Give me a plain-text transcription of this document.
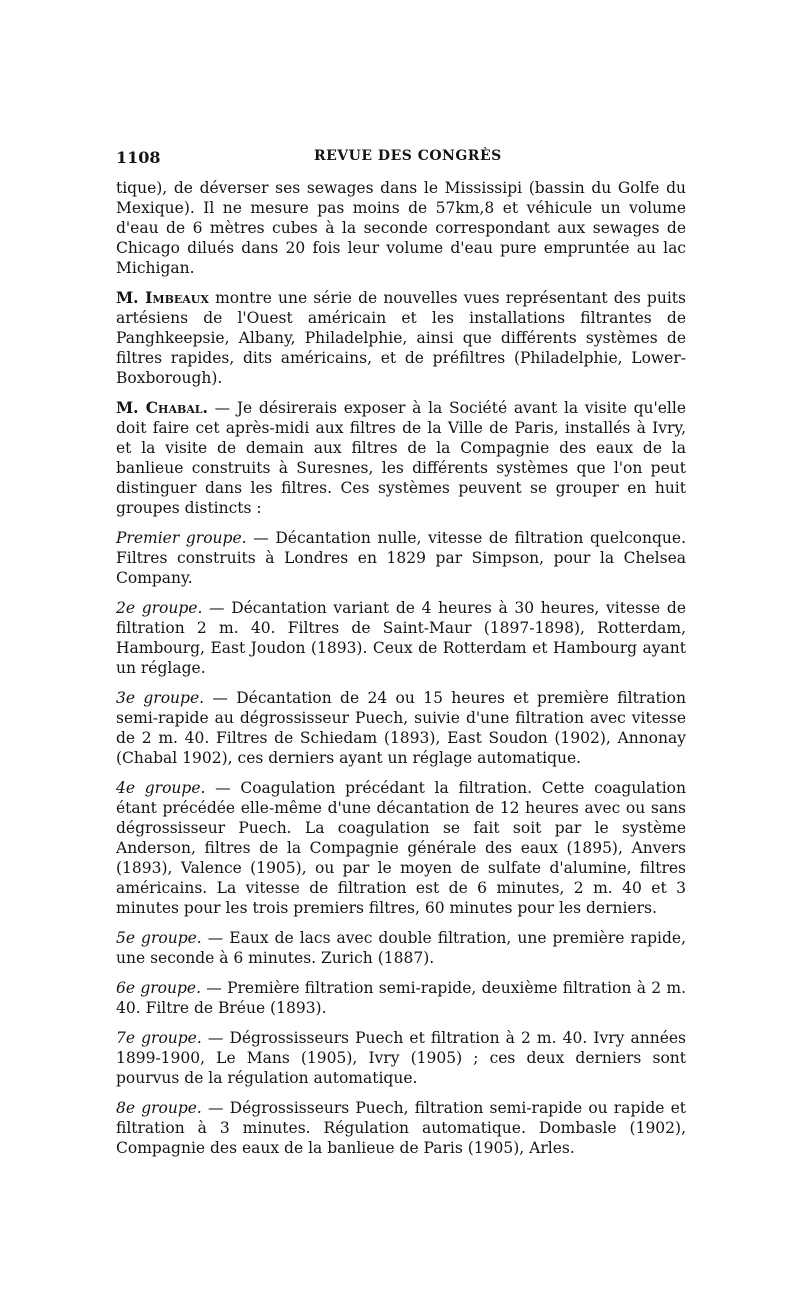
1108	REVUE DES CONGRÈS

tique), de déverser ses sewages dans le Mississipi (bassin du Golfe du Mexique). Il ne mesure pas moins de 57km,8 et véhicule un volume d'eau de 6 mètres cubes à la seconde correspondant aux sewages de Chicago dilués dans 20 fois leur volume d'eau pure empruntée au lac Michigan.

M. Imbeaux montre une série de nouvelles vues représentant des puits artésiens de l'Ouest américain et les installations filtrantes de Panghkeepsie, Albany, Philadelphie, ainsi que différents systèmes de filtres rapides, dits américains, et de préfiltres (Philadelphie, Lower-Boxborough).

M. Chabal. — Je désirerais exposer à la Société avant la visite qu'elle doit faire cet après-midi aux filtres de la Ville de Paris, installés à Ivry, et la visite de demain aux filtres de la Compagnie des eaux de la banlieue construits à Suresnes, les différents systèmes que l'on peut distinguer dans les filtres. Ces systèmes peuvent se grouper en huit groupes distincts :

Premier groupe. — Décantation nulle, vitesse de filtration quelconque. Filtres construits à Londres en 1829 par Simpson, pour la Chelsea Company.

2e groupe. — Décantation variant de 4 heures à 30 heures, vitesse de filtration 2 m. 40. Filtres de Saint-Maur (1897-1898), Rotterdam, Hambourg, East Joudon (1893). Ceux de Rotterdam et Hambourg ayant un réglage.

3e groupe. — Décantation de 24 ou 15 heures et première filtration semi-rapide au dégrossisseur Puech, suivie d'une filtration avec vitesse de 2 m. 40. Filtres de Schiedam (1893), East Soudon (1902), Annonay (Chabal 1902), ces derniers ayant un réglage automatique.

4e groupe. — Coagulation précédant la filtration. Cette coagulation étant précédée elle-même d'une décantation de 12 heures avec ou sans dégrossisseur Puech. La coagulation se fait soit par le système Anderson, filtres de la Compagnie générale des eaux (1895), Anvers (1893), Valence (1905), ou par le moyen de sulfate d'alumine, filtres américains. La vitesse de filtration est de 6 minutes, 2 m. 40 et 3 minutes pour les trois premiers filtres, 60 minutes pour les derniers.

5e groupe. — Eaux de lacs avec double filtration, une première rapide, une seconde à 6 minutes. Zurich (1887).

6e groupe. — Première filtration semi-rapide, deuxième filtration à 2 m. 40. Filtre de Bréue (1893).

7e groupe. — Dégrossisseurs Puech et filtration à 2 m. 40. Ivry années 1899-1900, Le Mans (1905), Ivry (1905) ; ces deux derniers sont pourvus de la régulation automatique.

8e groupe. — Dégrossisseurs Puech, filtration semi-rapide ou rapide et filtration à 3 minutes. Régulation automatique. Dombasle (1902), Compagnie des eaux de la banlieue de Paris (1905), Arles.
